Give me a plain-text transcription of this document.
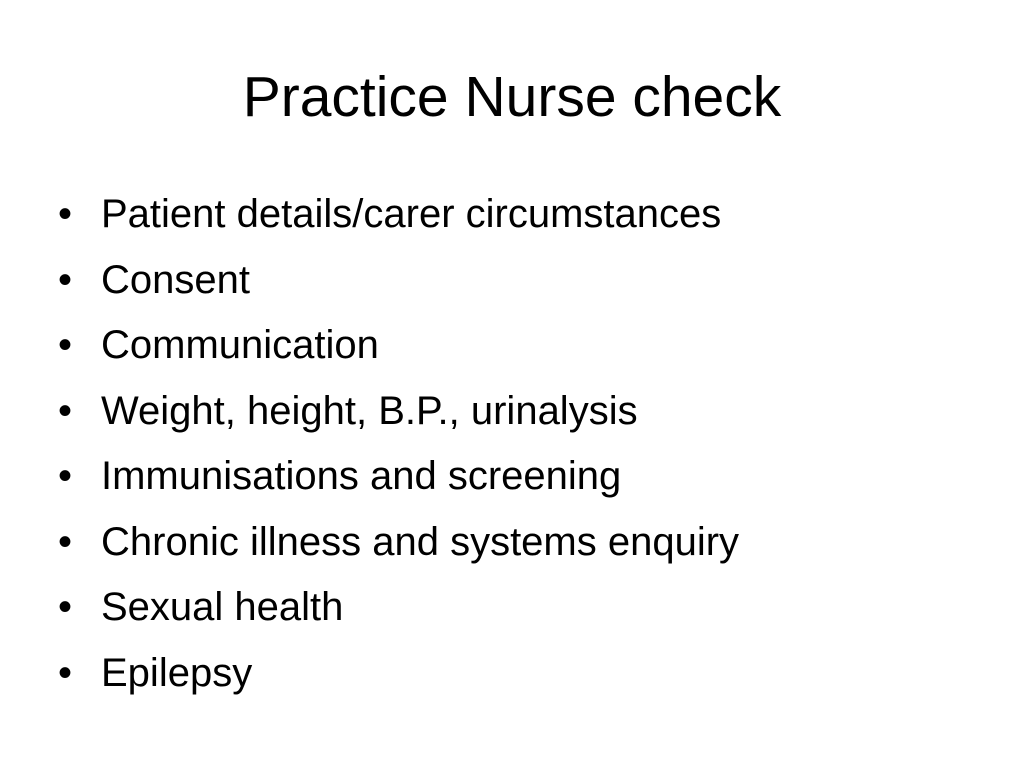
Practice Nurse check
• Patient details/carer circumstances
• Consent
• Communication
• Weight, height, B.P., urinalysis
• Immunisations and screening
• Chronic illness and systems enquiry
• Sexual health
• Epilepsy
